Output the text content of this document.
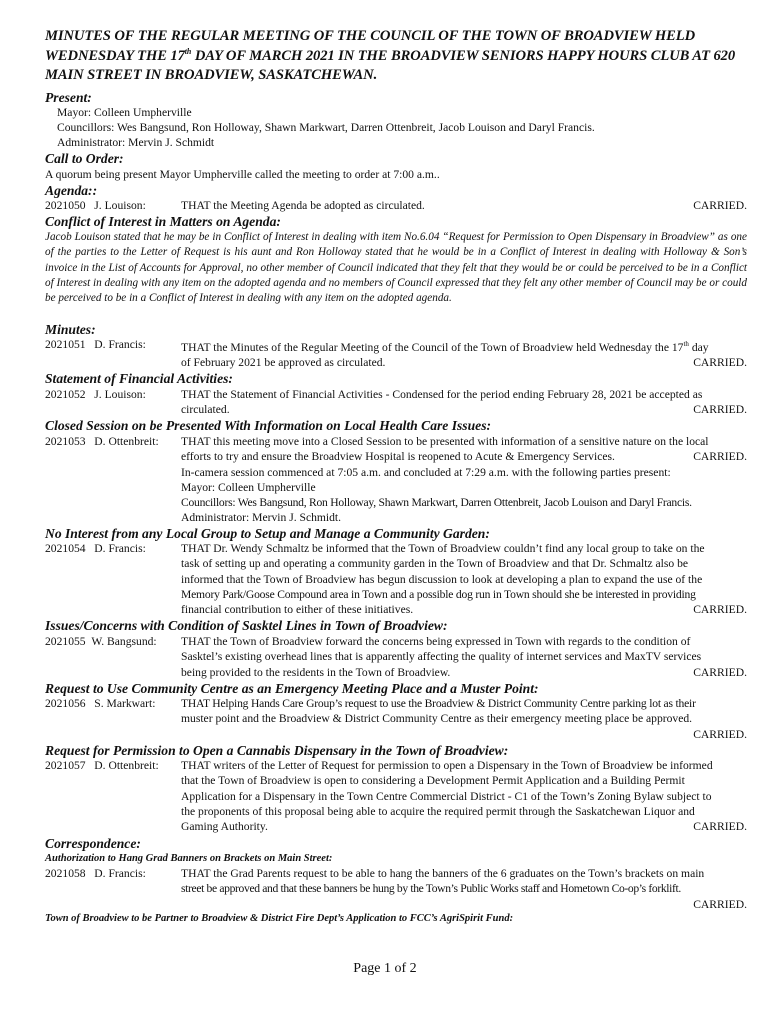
MINUTES OF THE REGULAR MEETING OF THE COUNCIL OF THE TOWN OF BROADVIEW HELD WEDNESDAY THE 17th DAY OF MARCH 2021 IN THE BROADVIEW SENIORS HAPPY HOURS CLUB AT 620 MAIN STREET IN BROADVIEW, SASKATCHEWAN.
Present:
Mayor: Colleen Umpherville
Councillors: Wes Bangsund, Ron Holloway, Shawn Markwart, Darren Ottenbreit, Jacob Louison and Daryl Francis.
Administrator: Mervin J. Schmidt
Call to Order:
A quorum being present Mayor Umpherville called the meeting to order at 7:00 a.m..
Agenda::
2021050 J. Louison:	THAT the Meeting Agenda be adopted as circulated.	CARRIED.

Conflict of Interest in Matters on Agenda:
Jacob Louison stated that he may be in Conflict of Interest in dealing with item No.6.04 “Request for Permission to Open Dispensary in Broadview” as one of the parties to the Letter of Request is his aunt and Ron Holloway stated that he would be in a Conflict of Interest in dealing with Holloway & Son’s invoice in the List of Accounts for Approval, no other member of Council indicated that they felt that they would be or could be perceived to be in a Conflict of Interest in dealing with any item on the adopted agenda and no members of Council expressed that they felt any other member of Council may be or could be perceived to be in a Conflict of Interest in dealing with any item on the adopted agenda.
Minutes:
2021051 D. Francis:	THAT the Minutes of the Regular Meeting of the Council of the Town of Broadview held Wednesday the 17th day

of February 2021 be approved as circulated.	CARRIED.

Statement of Financial Activities:
2021052 J. Louison:	THAT the Statement of Financial Activities - Condensed for the period ending February 28, 2021 be accepted as

circulated.	CARRIED.

Closed Session on be Presented With Information on Local Health Care Issues:
2021053 D. Ottenbreit: THAT this meeting move into a Closed Session to be presented with information of a sensitive nature on the local

efforts to try and ensure the Broadview Hospital is reopened to Acute & Emergency Services.	CARRIED.

In-camera session commenced at 7:05 a.m. and concluded at 7:29 a.m. with the following parties present:

Mayor: Colleen Umpherville

Councillors: Wes Bangsund, Ron Holloway, Shawn Markwart, Darren Ottenbreit, Jacob Louison and Daryl Francis.

Administrator: Mervin J. Schmidt.

No Interest from any Local Group to Setup and Manage a Community Garden:
2021054 D. Francis:	THAT Dr. Wendy Schmaltz be informed that the Town of Broadview couldn’t find any local group to take on the

task of setting up and operating a community garden in the Town of Broadview and that Dr. Schmaltz also be

informed that the Town of Broadview has begun discussion to look at developing a plan to expand the use of the

Memory Park/Goose Compound area in Town and a possible dog run in Town should she be interested in providing

financial contribution to either of these initiatives.	CARRIED.

Issues/Concerns with Condition of Sasktel Lines in Town of Broadview:
2021055 W. Bangsund: THAT the Town of Broadview forward the concerns being expressed in Town with regards to the condition of

Sasktel’s existing overhead lines that is apparently affecting the quality of internet services and MaxTV services

being provided to the residents in the Town of Broadview.	CARRIED.

Request to Use Community Centre as an Emergency Meeting Place and a Muster Point:
2021056 S. Markwart: THAT Helping Hands Care Group’s request to use the Broadview & District Community Centre parking lot as their

muster point and the Broadview & District Community Centre as their emergency meeting place be approved.

CARRIED.

Request for Permission to Open a Cannabis Dispensary in the Town of Broadview:
2021057 D. Ottenbreit: THAT writers of the Letter of Request for permission to open a Dispensary in the Town of Broadview be informed

that the Town of Broadview is open to considering a Development Permit Application and a Building Permit

Application for a Dispensary in the Town Centre Commercial District - C1 of the Town’s Zoning Bylaw subject to

the proponents of this proposal being able to acquire the required permit through the Saskatchewan Liquor and

Gaming Authority.	CARRIED.

Correspondence:
Authorization to Hang Grad Banners on Brackets on Main Street:
2021058 D. Francis:	THAT the Grad Parents request to be able to hang the banners of the 6 graduates on the Town’s brackets on main

street be approved and that these banners be hung by the Town’s Public Works staff and Hometown Co-op’s forklift.

CARRIED.

Town of Broadview to be Partner to Broadview & District Fire Dept’s Application to FCC’s AgriSpirit Fund:
Page 1 of 2
